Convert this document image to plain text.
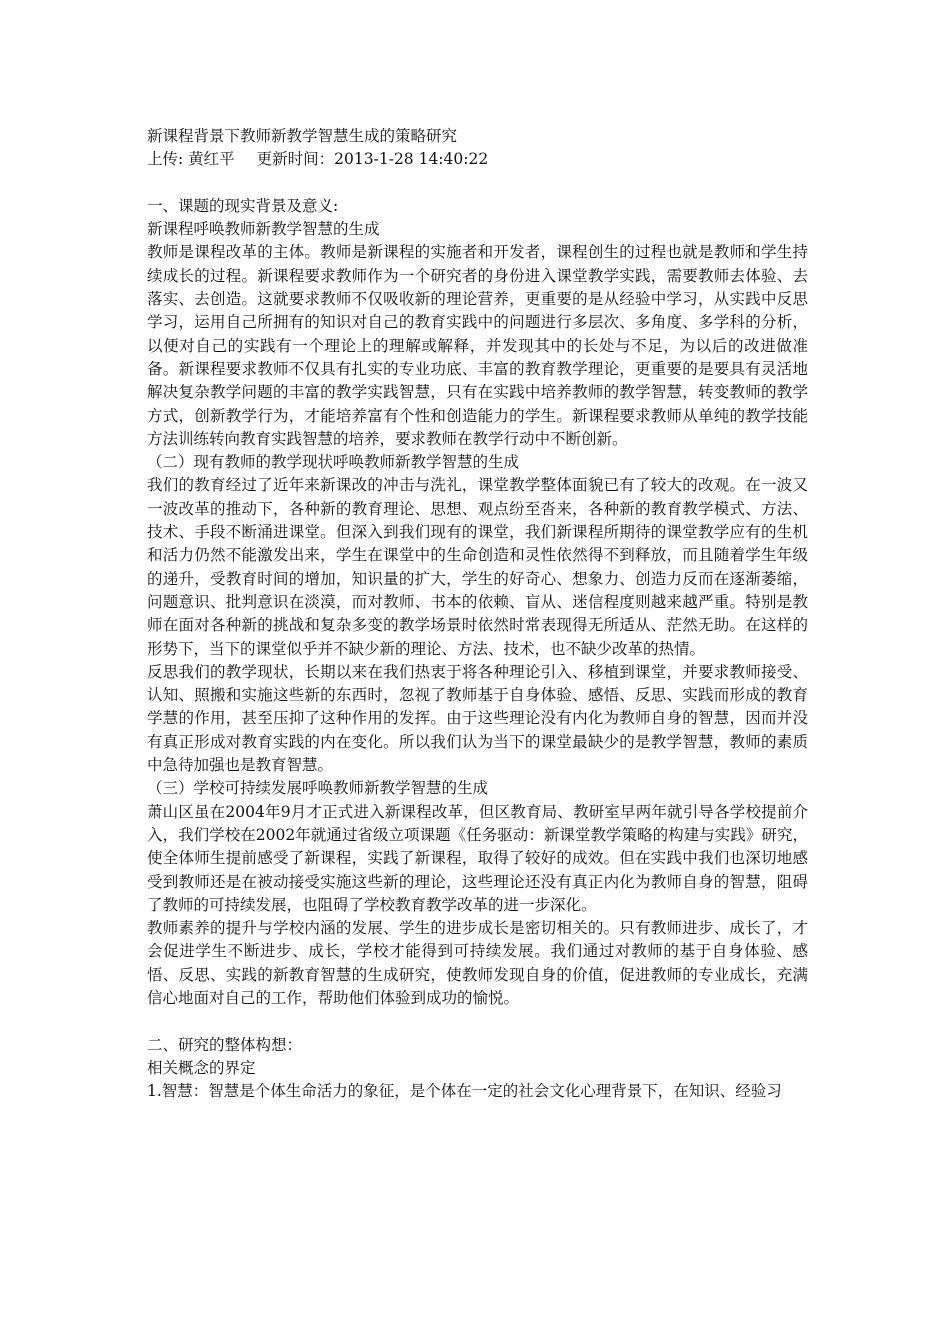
新课程背景下教师新教学智慧生成的策略研究
上传: 黄红平 更新时间：2013-1-28 14:40:22
一、课题的现实背景及意义:
新课程呼唤教师新教学智慧的生成
教师是课程改革的主体。教师是新课程的实施者和开发者，课程创生的过程也就是教师和学生持续成长的过程。新课程要求教师作为一个研究者的身份进入课堂教学实践，需要教师去体验、去落实、去创造。这就要求教师不仅吸收新的理论营养，更重要的是从经验中学习，从实践中反思学习，运用自己所拥有的知识对自己的教育实践中的问题进行多层次、多角度、多学科的分析，以便对自己的实践有一个理论上的理解或解释，并发现其中的长处与不足，为以后的改进做准备。新课程要求教师不仅具有扎实的专业功底、丰富的教育教学理论，更重要的是要具有灵活地解决复杂教学问题的丰富的教学实践智慧，只有在实践中培养教师的教学智慧，转变教师的教学方式，创新教学行为，才能培养富有个性和创造能力的学生。新课程要求教师从单纯的教学技能方法训练转向教育实践智慧的培养，要求教师在教学行动中不断创新。
（二）现有教师的教学现状呼唤教师新教学智慧的生成
我们的教育经过了近年来新课改的冲击与洗礼，课堂教学整体面貌已有了较大的改观。在一波又一波改革的推动下，各种新的教育理论、思想、观点纷至沓来，各种新的教育教学模式、方法、技术、手段不断涌进课堂。但深入到我们现有的课堂，我们新课程所期待的课堂教学应有的生机和活力仍然不能激发出来，学生在课堂中的生命创造和灵性依然得不到释放，而且随着学生年级的递升，受教育时间的增加，知识量的扩大，学生的好奇心、想象力、创造力反而在逐渐萎缩，问题意识、批判意识在淡漠，而对教师、书本的依赖、盲从、迷信程度则越来越严重。特别是教师在面对各种新的挑战和复杂多变的教学场景时依然时常表现得无所适从、茫然无助。在这样的形势下，当下的课堂似乎并不缺少新的理论、方法、技术，也不缺少改革的热情。
反思我们的教学现状，长期以来在我们热衷于将各种理论引入、移植到课堂，并要求教师接受、认知、照搬和实施这些新的东西时，忽视了教师基于自身体验、感悟、反思、实践而形成的教育学慧的作用，甚至压抑了这种作用的发挥。由于这些理论没有内化为教师自身的智慧，因而并没有真正形成对教育实践的内在变化。所以我们认为当下的课堂最缺少的是教学智慧，教师的素质中急待加强也是教育智慧。
（三）学校可持续发展呼唤教师新教学智慧的生成
萧山区虽在2004年9月才正式进入新课程改革，但区教育局、教研室早两年就引导各学校提前介入，我们学校在2002年就通过省级立项课题《任务驱动：新课堂教学策略的构建与实践》研究，使全体师生提前感受了新课程，实践了新课程，取得了较好的成效。但在实践中我们也深切地感受到教师还是在被动接受实施这些新的理论，这些理论还没有真正内化为教师自身的智慧，阻碍了教师的可持续发展，也阻碍了学校教育教学改革的进一步深化。
教师素养的提升与学校内涵的发展、学生的进步成长是密切相关的。只有教师进步、成长了，才会促进学生不断进步、成长，学校才能得到可持续发展。我们通过对教师的基于自身体验、感悟、反思、实践的新教育智慧的生成研究，使教师发现自身的价值，促进教师的专业成长，充满信心地面对自己的工作，帮助他们体验到成功的愉悦。
二、研究的整体构想：
相关概念的界定
1.智慧：智慧是个体生命活力的象征，是个体在一定的社会文化心理背景下，在知识、经验习
